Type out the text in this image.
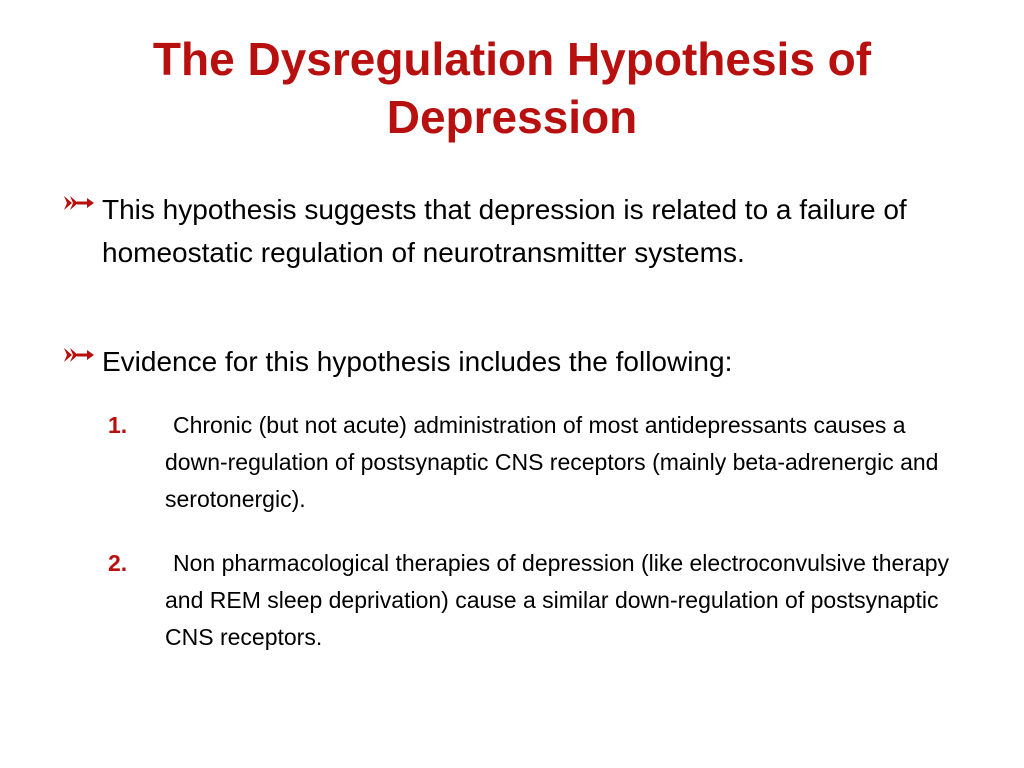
The Dysregulation Hypothesis of Depression
This hypothesis suggests that depression is related to a failure of homeostatic regulation of neurotransmitter systems.
Evidence for this hypothesis includes the following:
1.	Chronic (but not acute) administration of most antidepressants causes a down-regulation of postsynaptic CNS receptors (mainly beta-adrenergic and serotonergic).
2.	Non pharmacological therapies of depression (like electroconvulsive therapy and REM sleep deprivation) cause a similar down-regulation of postsynaptic CNS receptors.
